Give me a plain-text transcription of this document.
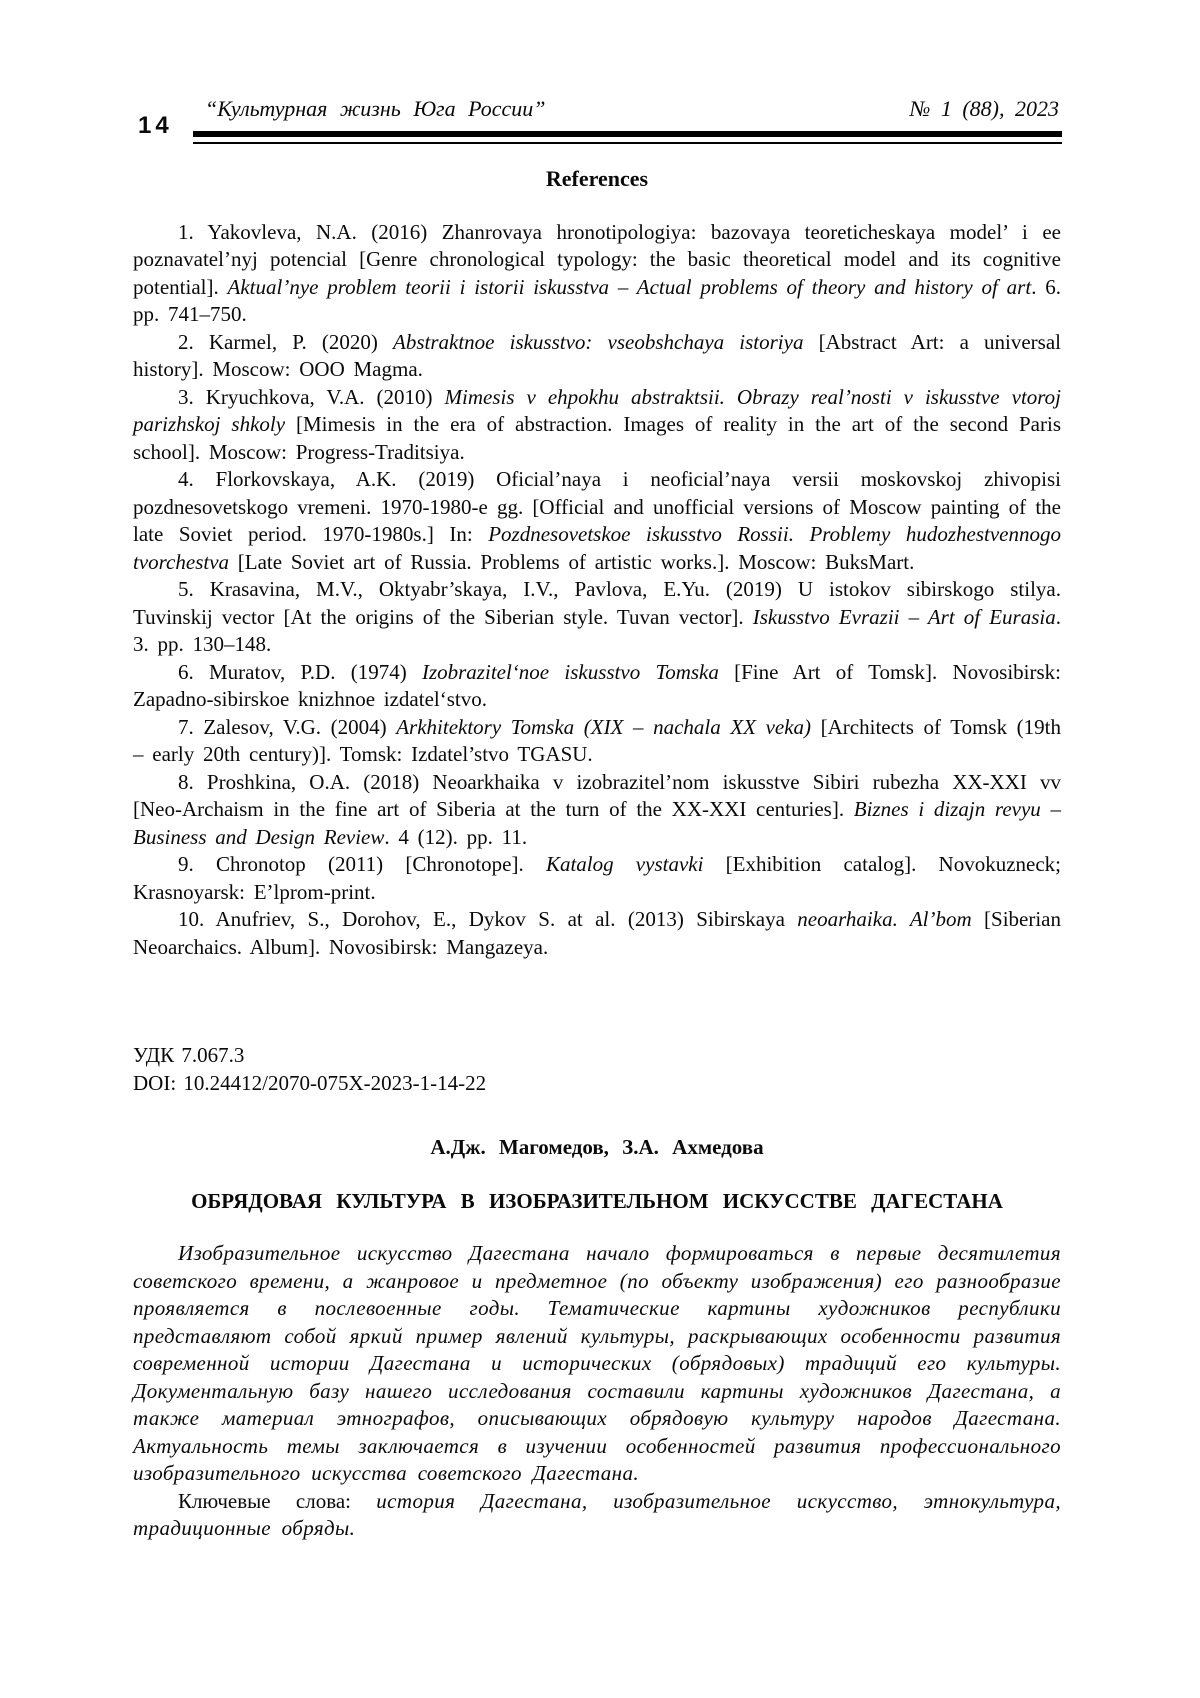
14
“Культурная жизнь Юга России”	№ 1 (88), 2023
References

1. Yakovleva, N.A. (2016) Zhanrovaya hronotipologiya: bazovaya teoreticheskaya model’ i ee poznavatel’nyj potencial [Genre chronological typology: the basic theoretical model and its cognitive potential]. Aktual’nye problem teorii i istorii iskusstva – Actual problems of theory and history of art. 6. pp. 741–750.

2. Karmel, P. (2020) Abstraktnoe iskusstvo: vseobshchaya istoriya [Abstract Art: a universal history]. Moscow: OOO Magma.

3. Kryuchkova, V.A. (2010) Mimesis v ehpokhu abstraktsii. Obrazy real’nosti v iskusstve vtoroj parizhskoj shkoly [Mimesis in the era of abstraction. Images of reality in the art of the second Paris school]. Moscow: Progress-Traditsiya.

4. Florkovskaya, A.K. (2019) Oficial’naya i neoficial’naya versii moskovskoj zhivopisi pozdnesovetskogo vremeni. 1970-1980-e gg. [Official and unofficial versions of Moscow painting of the late Soviet period. 1970-1980s.] In: Pozdnesovetskoe iskusstvo Rossii. Problemy hudozhestvennogo tvorchestva [Late Soviet art of Russia. Problems of artistic works.]. Moscow: BuksMart.

5. Krasavina, M.V., Oktyabr’skaya, I.V., Pavlova, E.Yu. (2019) U istokov sibirskogo stilya. Tuvinskij vector [At the origins of the Siberian style. Tuvan vector]. Iskusstvo Evrazii – Art of Eurasia. 3. pp. 130–148.

6. Muratov, P.D. (1974) Izobrazitel‘noe iskusstvo Tomska [Fine Art of Tomsk]. Novosibirsk: Zapadno-sibirskoe knizhnoe izdatel‘stvo.

7. Zalesov, V.G. (2004) Arkhitektory Tomska (XIX – nachala XX veka) [Architects of Tomsk (19th – early 20th century)]. Tomsk: Izdatel’stvo TGASU.

8. Proshkina, O.A. (2018) Neoarkhaika v izobrazitel’nom iskusstve Sibiri rubezha XX-XXI vv [Neo-Archaism in the fine art of Siberia at the turn of the XX-XXI centuries]. Biznes i dizajn revyu – Business and Design Review. 4 (12). pp. 11.

9. Chronotop (2011) [Chronotope]. Katalog vystavki [Exhibition catalog]. Novokuzneck; Krasnoyarsk: E’lprom-print.

10. Anufriev, S., Dorohov, E., Dykov S. at al. (2013) Sibirskaya neoarhaika. Al’bom [Siberian Neoarchaics. Album]. Novosibirsk: Mangazeya.

УДК 7.067.3
DOI: 10.24412/2070-075X-2023-1-14-22
А.Дж. Магомедов, З.А. Ахмедова
ОБРЯДОВАЯ КУЛЬТУРА В ИЗОБРАЗИТЕЛЬНОМ ИСКУССТВЕ ДАГЕСТАНА

Изобразительное искусство Дагестана начало формироваться в первые десятилетия советского времени, а жанровое и предметное (по объекту изображения) его разнообразие проявляется в послевоенные годы. Тематические картины художников республики представляют собой яркий пример явлений культуры, раскрывающих особенности развития современной истории Дагестана и исторических (обрядовых) традиций его культуры. Документальную базу нашего исследования составили картины художников Дагестана, а также материал этнографов, описывающих обрядовую культуру народов Дагестана. Актуальность темы заключается в изучении особенностей развития профессионального изобразительного искусства советского Дагестана.

Ключевые слова: история Дагестана, изобразительное искусство, этнокультура, традиционные обряды.
